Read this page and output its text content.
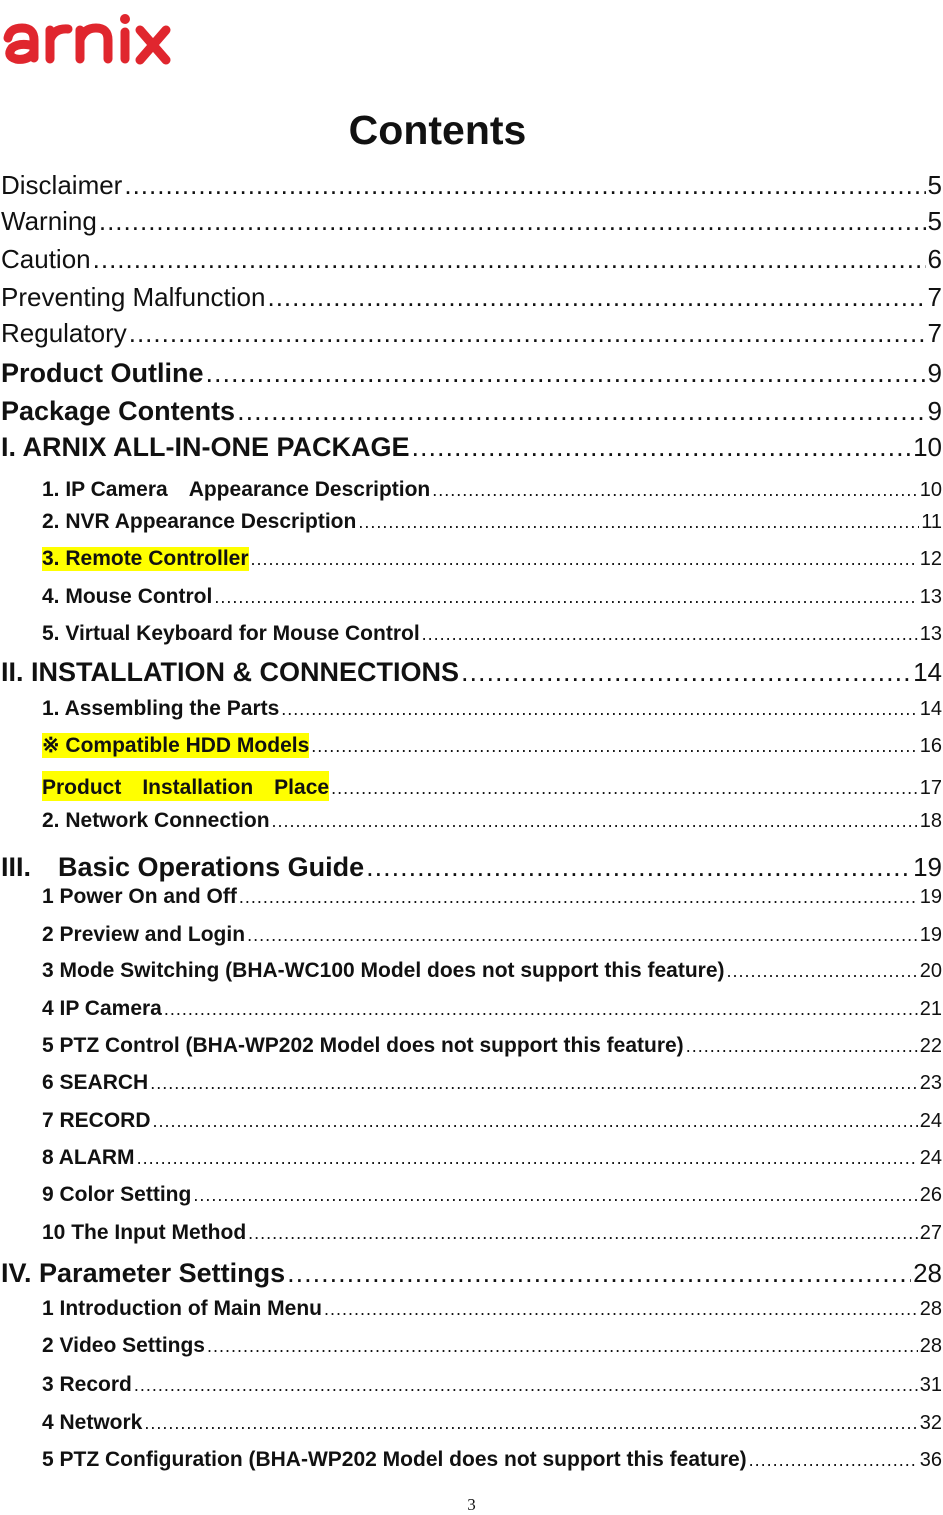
Contents
Disclaimer .....	5
Warning .....	5
Caution .....	6
Preventing Malfunction .....	7
Regulatory .....	7
Product Outline .....	9
Package Contents .....	9
I. ARNIX ALL-IN-ONE PACKAGE .....	10
1. IP Camera　Appearance Description .....	10
2. NVR Appearance Description .....	11
3. Remote Controller .....	12
4. Mouse Control .....	13
5. Virtual Keyboard for Mouse Control .....	13
II. INSTALLATION & CONNECTIONS .....	14
1. Assembling the Parts .....	14
※ Compatible HDD Models .....	16
Product　Installation　Place .....	17
2. Network Connection .....	18
III.　Basic Operations Guide .....	19
1 Power On and Off .....	19
2 Preview and Login .....	19
3 Mode Switching (BHA-WC100 Model does not support this feature) .....	20
4 IP Camera .....	21
5 PTZ Control (BHA-WP202 Model does not support this feature) .....	22
6 SEARCH .....	23
7 RECORD .....	24
8 ALARM .....	24
9 Color Setting .....	26
10 The Input Method .....	27
IV. Parameter Settings .....	28
1 Introduction of Main Menu .....	28
2 Video Settings .....	28
3 Record .....	31
4 Network .....	32
5 PTZ Configuration (BHA-WP202 Model does not support this feature) .....	36
3
